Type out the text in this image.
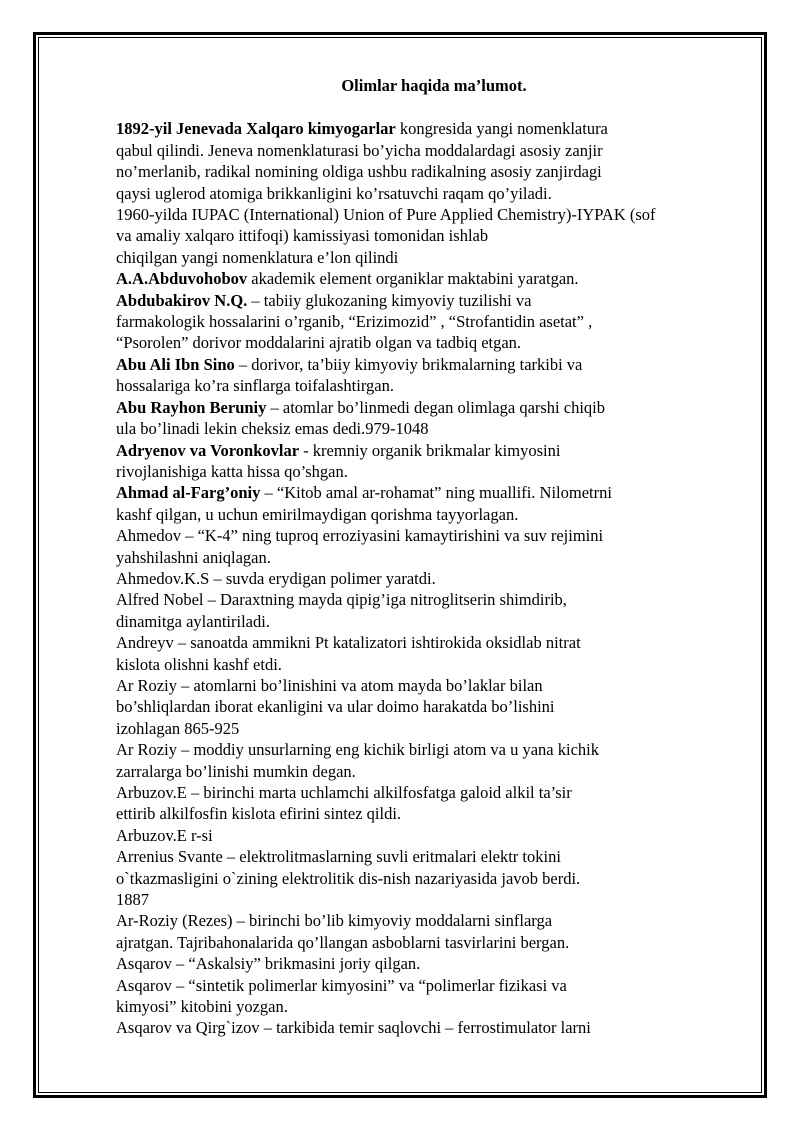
Olimlar haqida ma’lumot.
1892-yil Jenevada Xalqaro kimyogarlar kongresida yangi nomenklatura
qabul qilindi. Jeneva nomenklaturasi bo’yicha moddalardagi asosiy zanjir
no’merlanib, radikal nomining oldiga ushbu radikalning asosiy zanjirdagi
qaysi uglerod atomiga brikkanligini ko’rsatuvchi raqam qo’yiladi.
1960-yilda IUPAC (International) Union of Pure Applied Chemistry)-IYPAK (sof
va amaliy xalqaro ittifoqi) kamissiyasi tomonidan ishlab
chiqilgan yangi nomenklatura e’lon qilindi
A.A.Abduvohobov akademik element organiklar maktabini yaratgan.
Abdubakirov N.Q. – tabiiy glukozaning kimyoviy tuzilishi va
farmakologik hossalarini o’rganib, “Erizimozid” , “Strofantidin asetat” ,
“Psorolen” dorivor moddalarini ajratib olgan va tadbiq etgan.
Abu Ali Ibn Sino – dorivor, ta’biiy kimyoviy brikmalarning tarkibi va
hossalariga ko’ra sinflarga toifalashtirgan.
Abu Rayhon Beruniy – atomlar bo’linmedi degan olimlaga qarshi chiqib
ula bo’linadi lekin cheksiz emas dedi.979-1048
Adryenov va Voronkovlar - kremniy organik brikmalar kimyosini
rivojlanishiga katta hissa qo’shgan.
Ahmad al-Farg’oniy – “Kitob amal ar-rohamat” ning muallifi. Nilometrni
kashf qilgan, u uchun emirilmaydigan qorishma tayyorlagan.
Ahmedov – “K-4” ning tuproq erroziyasini kamaytirishini va suv rejimini
yahshilashni aniqlagan.
Ahmedov.K.S – suvda erydigan polimer yaratdi.
Alfred Nobel – Daraxtning mayda qipig’iga nitroglitserin shimdirib,
dinamitga aylantiriladi.
Andreyv – sanoatda ammikni Pt katalizatori ishtirokida oksidlab nitrat
kislota olishni kashf etdi.
Ar Roziy – atomlarni bo’linishini va atom mayda bo’laklar bilan
bo’shliqlardan iborat ekanligini va ular doimo harakatda bo’lishini
izohlagan 865-925
Ar Roziy – moddiy unsurlarning eng kichik birligi atom va u yana kichik
zarralarga bo’linishi mumkin degan.
Arbuzov.E – birinchi marta uchlamchi alkilfosfatga galoid alkil ta’sir
ettirib alkilfosfin kislota efirini sintez qildi.
Arbuzov.E r-si
Arrenius Svante – elektrolitmaslarning suvli eritmalari elektr tokini
o`tkazmasligini o`zining elektrolitik dis-nish nazariyasida javob berdi.
1887
Ar-Roziy (Rezes) – birinchi bo’lib kimyoviy moddalarni sinflarga
ajratgan. Tajribahonalarida qo’llangan asboblarni tasvirlarini bergan.
Asqarov – “Askalsiy” brikmasini joriy qilgan.
Asqarov – “sintetik polimerlar kimyosini” va “polimerlar fizikasi va
kimyosi” kitobini yozgan.
Asqarov va Qirg`izov – tarkibida temir saqlovchi – ferrostimulator larni
